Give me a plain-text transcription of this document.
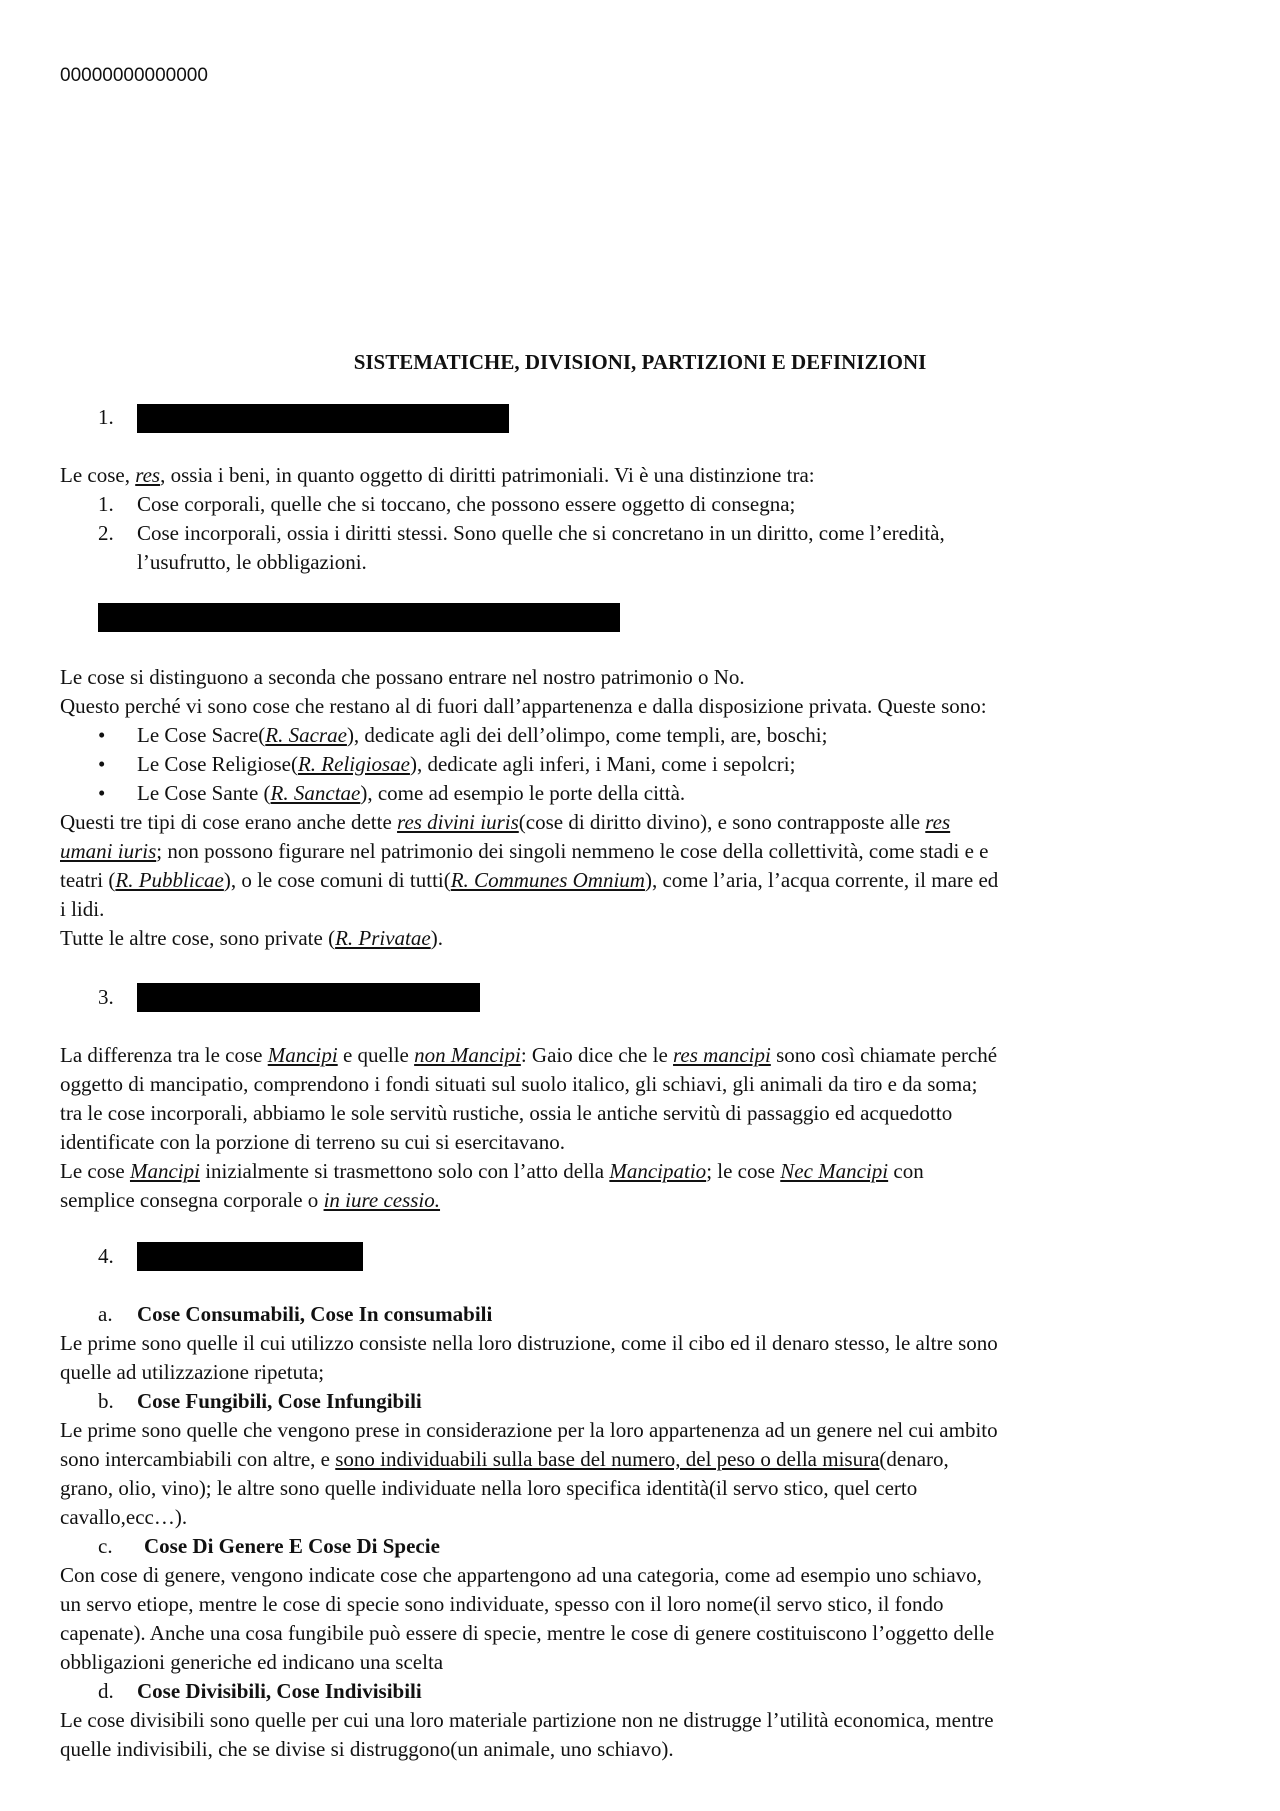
00000000000000
SISTEMATICHE, DIVISIONI, PARTIZIONI E DEFINIZIONI
1.
Le cose, res, ossia i beni, in quanto oggetto di diritti patrimoniali. Vi è una distinzione tra:
1. Cose corporali, quelle che si toccano, che possono essere oggetto di consegna;
2. Cose incorporali, ossia i diritti stessi. Sono quelle che si concretano in un diritto, come l’eredità,
l’usufrutto, le obbligazioni.
Le cose si distinguono a seconda che possano entrare nel nostro patrimonio o No.
Questo perché vi sono cose che restano al di fuori dall’appartenenza e dalla disposizione privata. Queste sono:
• Le Cose Sacre(R. Sacrae), dedicate agli dei dell’olimpo, come templi, are, boschi;
• Le Cose Religiose(R. Religiosae), dedicate agli inferi, i Mani, come i sepolcri;
• Le Cose Sante (R. Sanctae), come ad esempio le porte della città.
Questi tre tipi di cose erano anche dette res divini iuris(cose di diritto divino), e sono contrapposte alle res
umani iuris; non possono figurare nel patrimonio dei singoli nemmeno le cose della collettività, come stadi e e
teatri (R. Pubblicae), o le cose comuni di tutti(R. Communes Omnium), come l’aria, l’acqua corrente, il mare ed
i lidi.
Tutte le altre cose, sono private (R. Privatae).
3.
La differenza tra le cose Mancipi e quelle non Mancipi: Gaio dice che le res mancipi sono così chiamate perché
oggetto di mancipatio, comprendono i fondi situati sul suolo italico, gli schiavi, gli animali da tiro e da soma;
tra le cose incorporali, abbiamo le sole servitù rustiche, ossia le antiche servitù di passaggio ed acquedotto
identificate con la porzione di terreno su cui si esercitavano.
Le cose Mancipi inizialmente si trasmettono solo con l’atto della Mancipatio; le cose Nec Mancipi con
semplice consegna corporale o in iure cessio.
4.
a. Cose Consumabili, Cose In consumabili
Le prime sono quelle il cui utilizzo consiste nella loro distruzione, come il cibo ed il denaro stesso, le altre sono
quelle ad utilizzazione ripetuta;
b. Cose Fungibili, Cose Infungibili
Le prime sono quelle che vengono prese in considerazione per la loro appartenenza ad un genere nel cui ambito
sono intercambiabili con altre, e sono individuabili sulla base del numero, del peso o della misura(denaro,
grano, olio, vino); le altre sono quelle individuate nella loro specifica identità(il servo stico, quel certo
cavallo,ecc…).
c. Cose Di Genere E Cose Di Specie
Con cose di genere, vengono indicate cose che appartengono ad una categoria, come ad esempio uno schiavo,
un servo etiope, mentre le cose di specie sono individuate, spesso con il loro nome(il servo stico, il fondo
capenate). Anche una cosa fungibile può essere di specie, mentre le cose di genere costituiscono l’oggetto delle
obbligazioni generiche ed indicano una scelta
d. Cose Divisibili, Cose Indivisibili
Le cose divisibili sono quelle per cui una loro materiale partizione non ne distrugge l’utilità economica, mentre
quelle indivisibili, che se divise si distruggono(un animale, uno schiavo).
